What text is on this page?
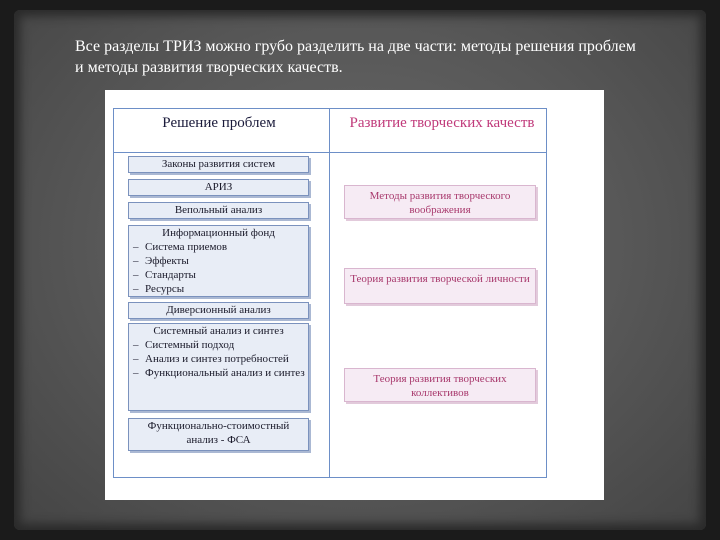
Все разделы ТРИЗ можно грубо разделить на две части: методы решения проблем и методы развития творческих качеств.

Решение проблем	Развитие творческих качеств

Законы развития систем
АРИЗ
Вепольный анализ
Информационный фонд
– Система приемов
– Эффекты
– Стандарты
– Ресурсы
Диверсионный анализ
Системный анализ и синтез
– Системный подход
– Анализ и синтез потребностей
– Функциональный анализ и синтез
Функционально-стоимостный анализ - ФСА
Методы развития творческого воображения
Теория развития творческой личности
Теория развития творческих коллективов
